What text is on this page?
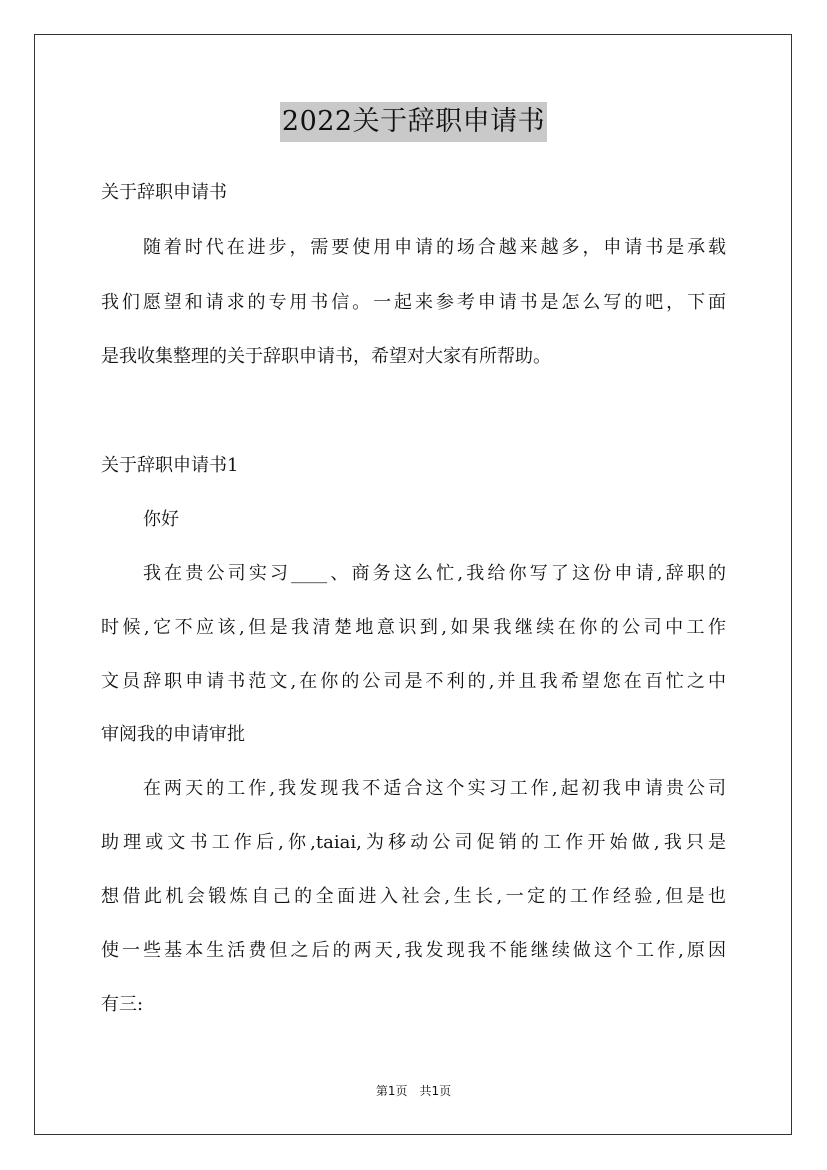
2022关于辞职申请书
关于辞职申请书
随着时代在进步，需要使用申请的场合越来越多，申请书是承载
我们愿望和请求的专用书信。一起来参考申请书是怎么写的吧，下面
是我收集整理的关于辞职申请书，希望对大家有所帮助。
关于辞职申请书1
你好
我在贵公司实习____、商务这么忙,我给你写了这份申请,辞职的
时候,它不应该,但是我清楚地意识到,如果我继续在你的公司中工作
文员辞职申请书范文,在你的公司是不利的,并且我希望您在百忙之中
审阅我的申请审批
在两天的工作,我发现我不适合这个实习工作,起初我申请贵公司
助理或文书工作后,你,taiai,为移动公司促销的工作开始做,我只是
想借此机会锻炼自己的全面进入社会,生长,一定的工作经验,但是也
使一些基本生活费但之后的两天,我发现我不能继续做这个工作,原因
有三:
第1页　共1页
